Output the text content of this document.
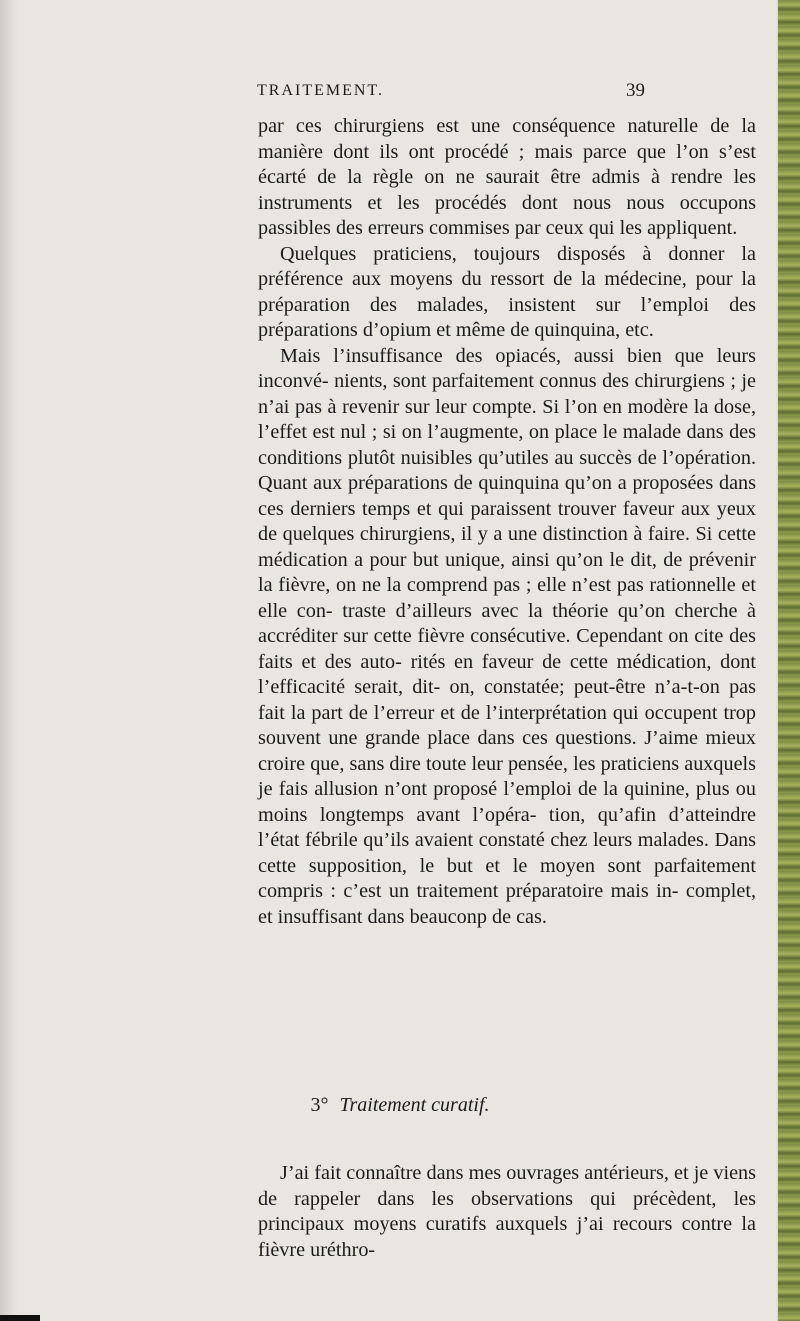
TRAITEMENT.	39

par ces chirurgiens est une conséquence naturelle de la manière dont ils ont procédé ; mais parce que l’on s’est écarté de la règle on ne saurait être admis à rendre les instruments et les procédés dont nous nous occupons passibles des erreurs commises par ceux qui les appliquent.

Quelques praticiens, toujours disposés à donner la préférence aux moyens du ressort de la médecine, pour la préparation des malades, insistent sur l’emploi des préparations d’opium et même de quinquina, etc.

Mais l’insuffisance des opiacés, aussi bien que leurs inconvé- nients, sont parfaitement connus des chirurgiens ; je n’ai pas à revenir sur leur compte. Si l’on en modère la dose, l’effet est nul ; si on l’augmente, on place le malade dans des conditions plutôt nuisibles qu’utiles au succès de l’opération. Quant aux préparations de quinquina qu’on a proposées dans ces derniers temps et qui paraissent trouver faveur aux yeux de quelques chirurgiens, il y a une distinction à faire. Si cette médication a pour but unique, ainsi qu’on le dit, de prévenir la fièvre, on ne la comprend pas ; elle n’est pas rationnelle et elle con- traste d’ailleurs avec la théorie qu’on cherche à accréditer sur cette fièvre consécutive. Cependant on cite des faits et des auto- rités en faveur de cette médication, dont l’efficacité serait, dit- on, constatée; peut-être n’a-t-on pas fait la part de l’erreur et de l’interprétation qui occupent trop souvent une grande place dans ces questions. J’aime mieux croire que, sans dire toute leur pensée, les praticiens auxquels je fais allusion n’ont proposé l’emploi de la quinine, plus ou moins longtemps avant l’opéra- tion, qu’afin d’atteindre l’état fébrile qu’ils avaient constaté chez leurs malades. Dans cette supposition, le but et le moyen sont parfaitement compris : c’est un traitement préparatoire mais in- complet, et insuffisant dans beauconp de cas.

3° Traitement curatif.

J’ai fait connaître dans mes ouvrages antérieurs, et je viens de rappeler dans les observations qui précèdent, les principaux moyens curatifs auxquels j’ai recours contre la fièvre uréthro-
